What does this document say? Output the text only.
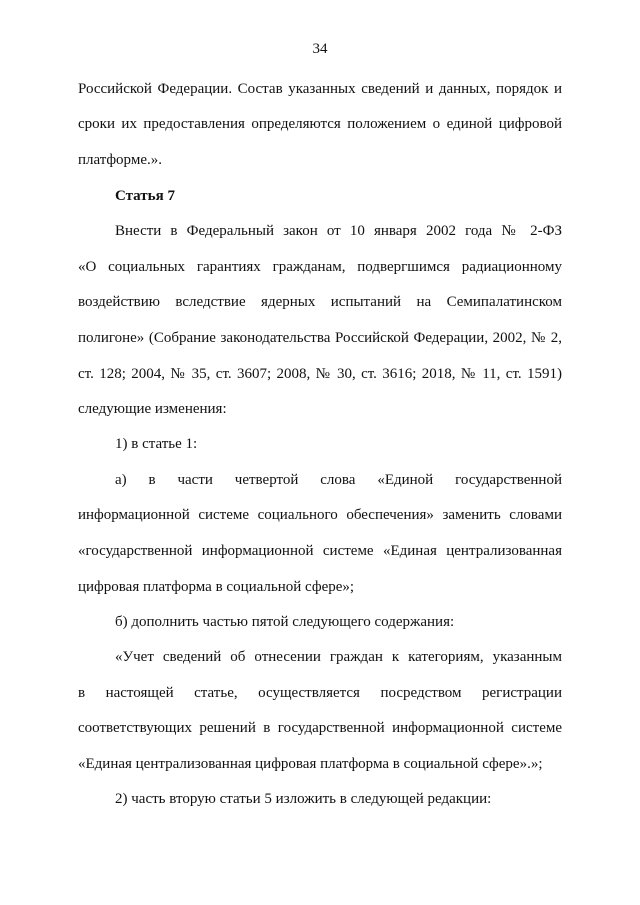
34
Российской Федерации. Состав указанных сведений и данных, порядок и
сроки их предоставления определяются положением о единой цифровой
платформе.».
Статья 7
Внести в Федеральный закон от 10 января 2002 года № 2-ФЗ
«О социальных гарантиях гражданам, подвергшимся радиационному
воздействию вследствие ядерных испытаний на Семипалатинском
полигоне» (Собрание законодательства Российской Федерации, 2002, № 2,
ст. 128; 2004, № 35, ст. 3607; 2008, № 30, ст. 3616; 2018, № 11, ст. 1591)
следующие изменения:
1) в статье 1:
а) в части четвертой слова «Единой государственной
информационной системе социального обеспечения» заменить словами
«государственной информационной системе «Единая централизованная
цифровая платформа в социальной сфере»;
б) дополнить частью пятой следующего содержания:
«Учет сведений об отнесении граждан к категориям, указанным
в настоящей статье, осуществляется посредством регистрации
соответствующих решений в государственной информационной системе
«Единая централизованная цифровая платформа в социальной сфере».»;
2) часть вторую статьи 5 изложить в следующей редакции:
